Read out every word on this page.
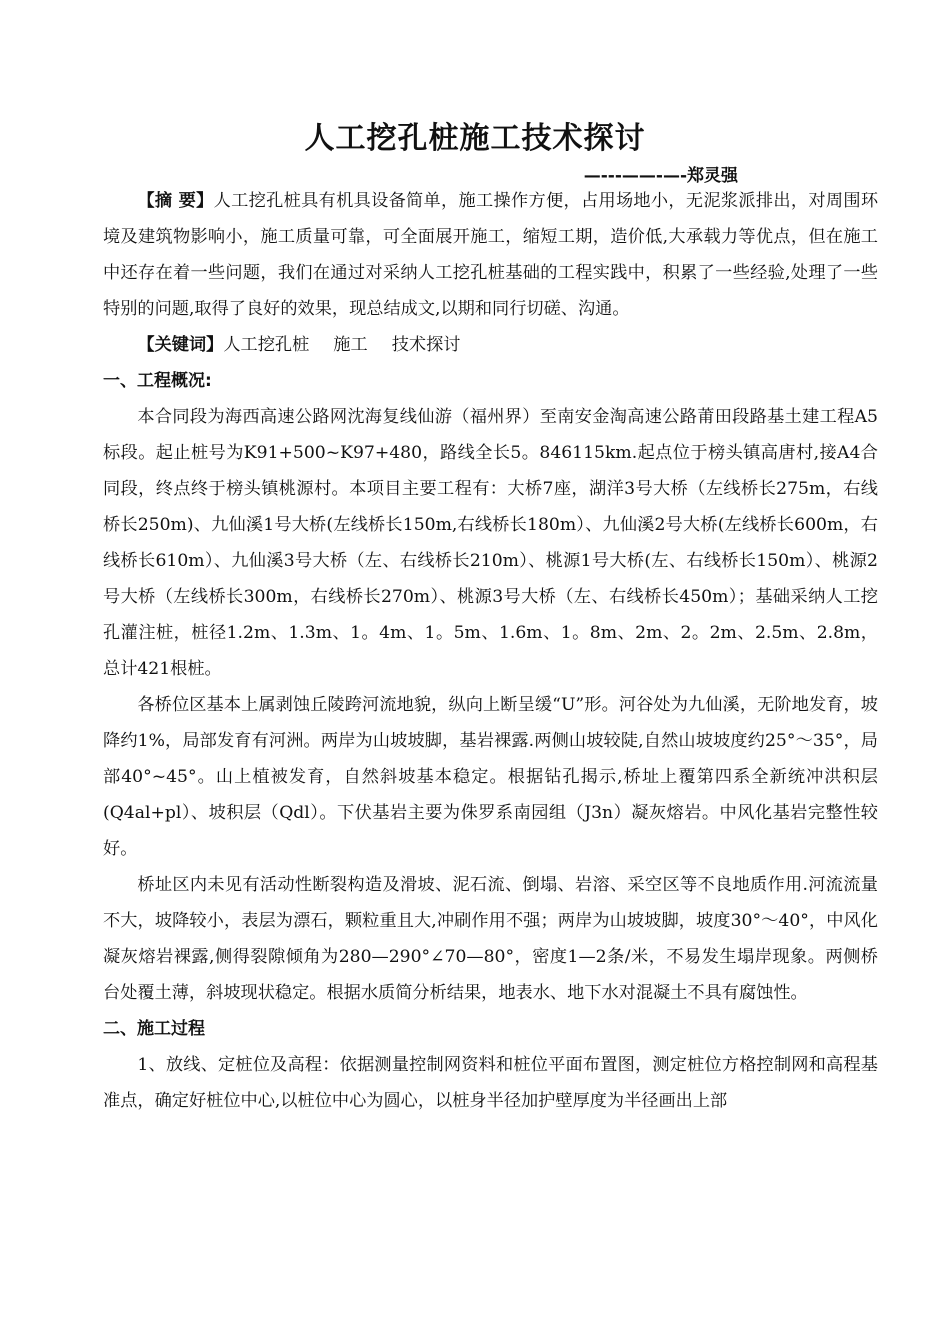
人工挖孔桩施工技术探讨
—---——-—-郑灵强

【摘 要】人工挖孔桩具有机具设备简单，施工操作方便，占用场地小，无泥浆派排出，对周围环境及建筑物影响小，施工质量可靠，可全面展开施工，缩短工期，造价低,大承载力等优点，但在施工中还存在着一些问题，我们在通过对采纳人工挖孔桩基础的工程实践中，积累了一些经验,处理了一些特别的问题,取得了良好的效果，现总结成文,以期和同行切磋、沟通。

【关键词】人工挖孔桩 施工 技术探讨

一、工程概况:

本合同段为海西高速公路网沈海复线仙游（福州界）至南安金淘高速公路莆田段路基土建工程A5标段。起止桩号为K91+500~K97+480，路线全长5。846115km.起点位于榜头镇高唐村,接A4合同段，终点终于榜头镇桃源村。本项目主要工程有：大桥7座，湖洋3号大桥（左线桥长275m，右线桥长250m)、九仙溪1号大桥(左线桥长150m,右线桥长180m）、九仙溪2号大桥(左线桥长600m，右线桥长610m）、九仙溪3号大桥（左、右线桥长210m）、桃源1号大桥(左、右线桥长150m）、桃源2号大桥（左线桥长300m，右线桥长270m）、桃源3号大桥（左、右线桥长450m）；基础采纳人工挖孔灌注桩，桩径1.2m、1.3m、1。4m、1。5m、1.6m、1。8m、2m、2。2m、2.5m、2.8m，总计421根桩。

各桥位区基本上属剥蚀丘陵跨河流地貌，纵向上断呈缓“U”形。河谷处为九仙溪，无阶地发育，坡降约1%，局部发育有河洲。两岸为山坡坡脚，基岩裸露.两侧山坡较陡,自然山坡坡度约25°～35°，局部40°~45°。山上植被发育，自然斜坡基本稳定。根据钻孔揭示,桥址上覆第四系全新统冲洪积层(Q4al+pl）、坡积层（Qdl）。下伏基岩主要为侏罗系南园组（J3n）凝灰熔岩。中风化基岩完整性较好。

桥址区内未见有活动性断裂构造及滑坡、泥石流、倒塌、岩溶、采空区等不良地质作用.河流流量不大，坡降较小，表层为漂石，颗粒重且大,冲刷作用不强；两岸为山坡坡脚，坡度30°～40°，中风化凝灰熔岩裸露,侧得裂隙倾角为280—290°∠70—80°，密度1—2条/米，不易发生塌岸现象。两侧桥台处覆土薄，斜坡现状稳定。根据水质简分析结果，地表水、地下水对混凝土不具有腐蚀性。

二、施工过程

1、放线、定桩位及高程：依据测量控制网资料和桩位平面布置图，测定桩位方格控制网和高程基准点，确定好桩位中心,以桩位中心为圆心，以桩身半径加护壁厚度为半径画出上部
